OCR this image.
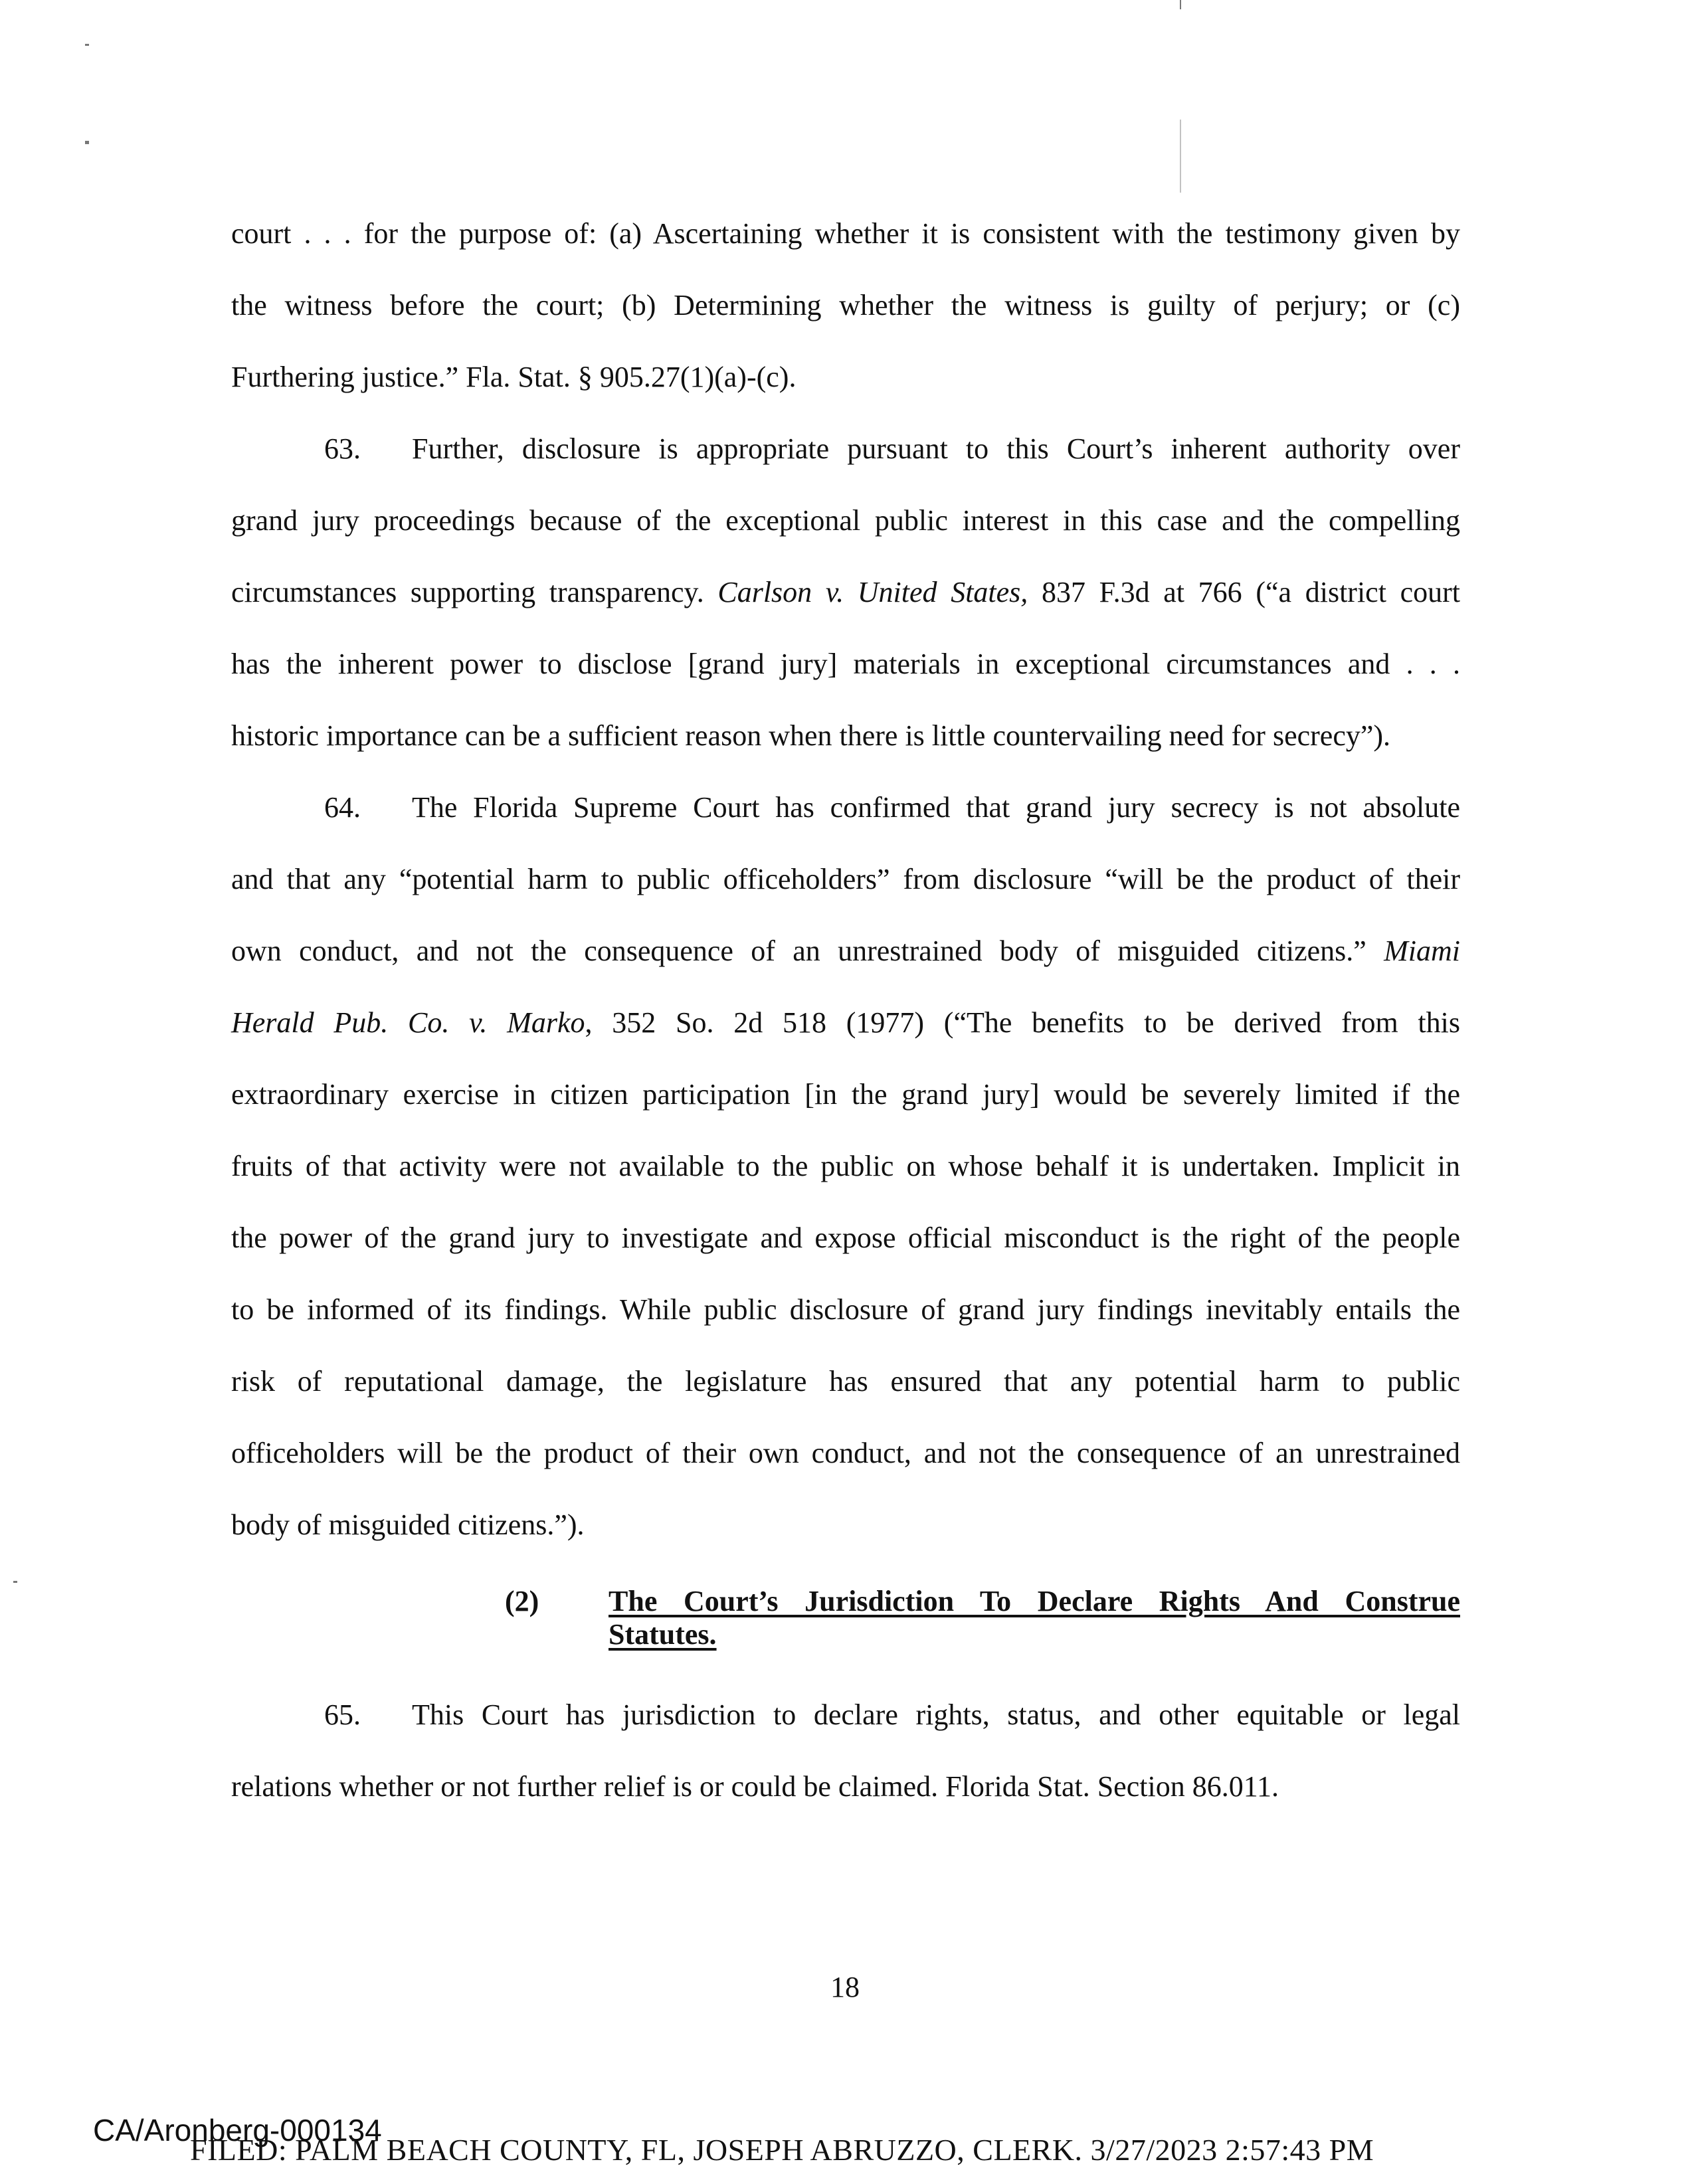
court . . . for the purpose of: (a) Ascertaining whether it is consistent with the testimony given by
the witness before the court; (b) Determining whether the witness is guilty of perjury; or (c)
Furthering justice.” Fla. Stat. § 905.27(1)(a)-(c).
63. Further, disclosure is appropriate pursuant to this Court’s inherent authority over
grand jury proceedings because of the exceptional public interest in this case and the compelling
circumstances supporting transparency. Carlson v. United States, 837 F.3d at 766 (“a district court
has the inherent power to disclose [grand jury] materials in exceptional circumstances and . . .
historic importance can be a sufficient reason when there is little countervailing need for secrecy”).
64. The Florida Supreme Court has confirmed that grand jury secrecy is not absolute
and that any “potential harm to public officeholders” from disclosure “will be the product of their
own conduct, and not the consequence of an unrestrained body of misguided citizens.” Miami
Herald Pub. Co. v. Marko, 352 So. 2d 518 (1977) (“The benefits to be derived from this
extraordinary exercise in citizen participation [in the grand jury] would be severely limited if the
fruits of that activity were not available to the public on whose behalf it is undertaken. Implicit in
the power of the grand jury to investigate and expose official misconduct is the right of the people
to be informed of its findings. While public disclosure of grand jury findings inevitably entails the
risk of reputational damage, the legislature has ensured that any potential harm to public
officeholders will be the product of their own conduct, and not the consequence of an unrestrained
body of misguided citizens.”).
(2) The Court’s Jurisdiction To Declare Rights And Construe
Statutes.
65. This Court has jurisdiction to declare rights, status, and other equitable or legal
relations whether or not further relief is or could be claimed. Florida Stat. Section 86.011.
18
CA/Aronberg-000134
FILED: PALM BEACH COUNTY, FL, JOSEPH ABRUZZO, CLERK. 3/27/2023 2:57:43 PM
